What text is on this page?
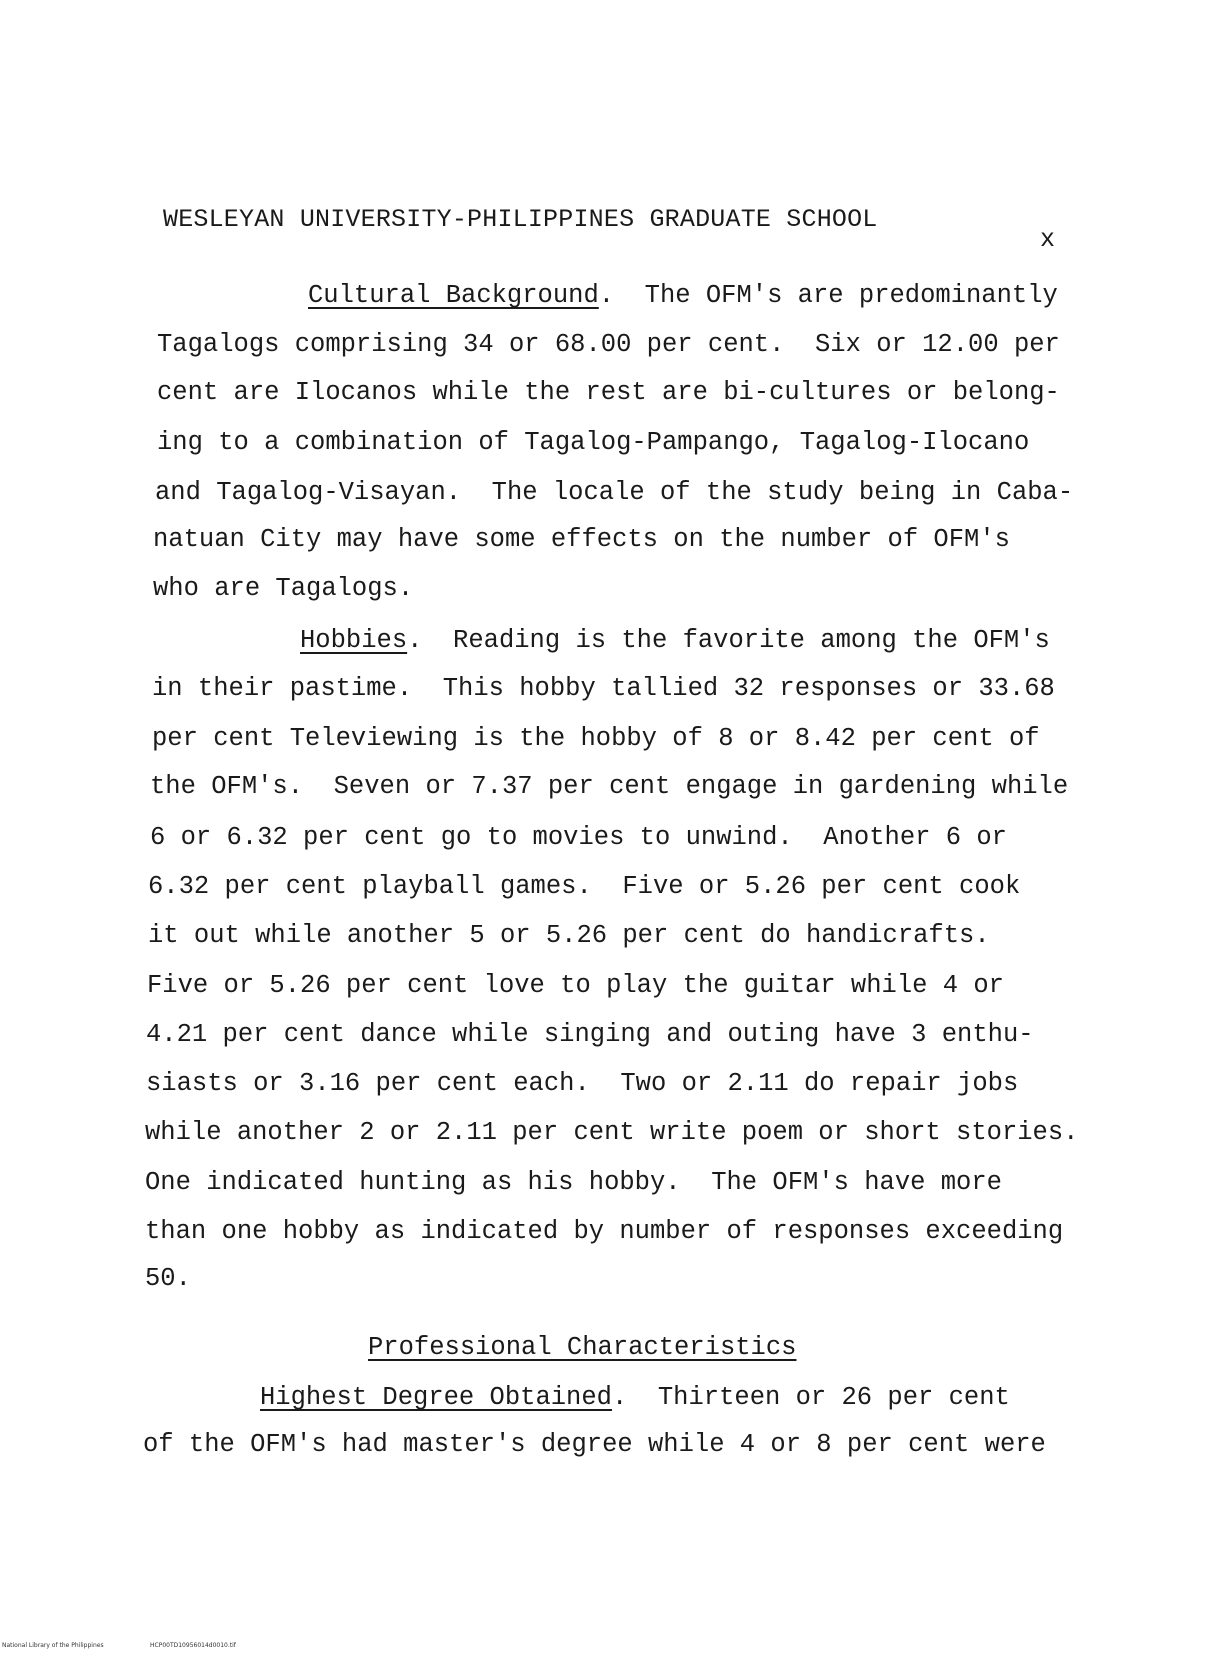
WESLEYAN UNIVERSITY-PHILIPPINES GRADUATE SCHOOL
x
Cultural Background.  The OFM's are predominantly
Tagalogs comprising 34 or 68.00 per cent.  Six or 12.00 per
cent are Ilocanos while the rest are bi-cultures or belong-
ing to a combination of Tagalog-Pampango, Tagalog-Ilocano
and Tagalog-Visayan.  The locale of the study being in Caba-
natuan City may have some effects on the number of OFM's
who are Tagalogs.
Hobbies.  Reading is the favorite among the OFM's
in their pastime.  This hobby tallied 32 responses or 33.68
per cent Televiewing is the hobby of 8 or 8.42 per cent of
the OFM's.  Seven or 7.37 per cent engage in gardening while
6 or 6.32 per cent go to movies to unwind.  Another 6 or
6.32 per cent playball games.  Five or 5.26 per cent cook
it out while another 5 or 5.26 per cent do handicrafts.
Five or 5.26 per cent love to play the guitar while 4 or
4.21 per cent dance while singing and outing have 3 enthu-
siasts or 3.16 per cent each.  Two or 2.11 do repair jobs
while another 2 or 2.11 per cent write poem or short stories.
One indicated hunting as his hobby.  The OFM's have more
than one hobby as indicated by number of responses exceeding
50.
Professional Characteristics
Highest Degree Obtained.  Thirteen or 26 per cent
of the OFM's had master's degree while 4 or 8 per cent were
National Library of the Philippines	HCP00TD10956014d0010.tif
